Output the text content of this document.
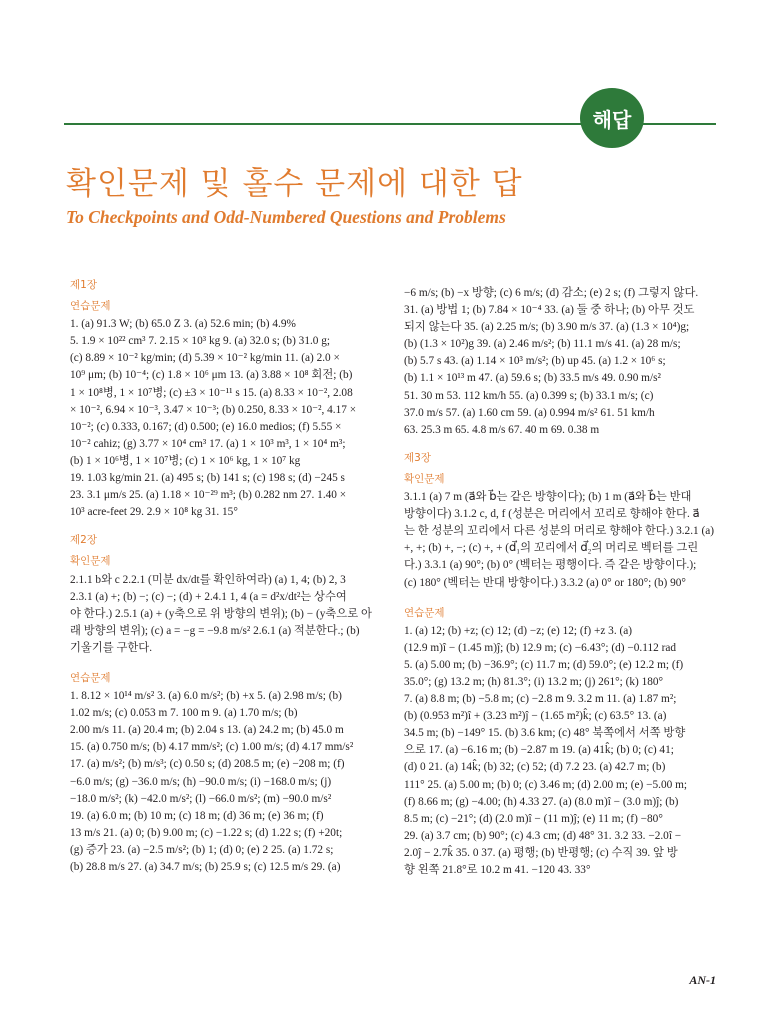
해답
확인문제 및 홀수 문제에 대한 답
To Checkpoints and Odd-Numbered Questions and Problems
제1장
연습문제
1. (a) 91.3 W; (b) 65.0 Z 3. (a) 52.6 min; (b) 4.9%
5. 1.9 × 10²² cm³ 7. 2.15 × 10³ kg 9. (a) 32.0 s; (b) 31.0 g;
(c) 8.89 × 10⁻² kg/min; (d) 5.39 × 10⁻² kg/min 11. (a) 2.0 ×
10⁹ μm; (b) 10⁻⁴; (c) 1.8 × 10⁶ μm 13. (a) 3.88 × 10⁸ 회전; (b)
1 × 10⁸병, 1 × 10⁷병; (c) ±3 × 10⁻¹¹ s 15. (a) 8.33 × 10⁻², 2.08
× 10⁻², 6.94 × 10⁻³, 3.47 × 10⁻³; (b) 0.250, 8.33 × 10⁻², 4.17 ×
10⁻²; (c) 0.333, 0.167; (d) 0.500; (e) 16.0 medios; (f) 5.55 ×
10⁻² cahiz; (g) 3.77 × 10⁴ cm³ 17. (a) 1 × 10³ m³, 1 × 10⁴ m³;
(b) 1 × 10⁶병, 1 × 10⁷병; (c) 1 × 10⁶ kg, 1 × 10⁷ kg
19. 1.03 kg/min 21. (a) 495 s; (b) 141 s; (c) 198 s; (d) −245 s
23. 3.1 μm/s 25. (a) 1.18 × 10⁻²⁹ m³; (b) 0.282 nm 27. 1.40 ×
10³ acre-feet 29. 2.9 × 10⁸ kg 31. 15°
제2장
확인문제
2.1.1 b와 c 2.2.1 (미분 dx/dt를 확인하여라) (a) 1, 4; (b) 2, 3
2.3.1 (a) +; (b) −; (c) −; (d) + 2.4.1 1, 4 (a = d²x/dt²는 상수여
야 한다.) 2.5.1 (a) + (y축으로 위 방향의 변위); (b) − (y축으로 아
래 방향의 변위); (c) a = −g = −9.8 m/s² 2.6.1 (a) 적분한다.; (b)
기울기를 구한다.
연습문제
1. 8.12 × 10¹⁴ m/s² 3. (a) 6.0 m/s²; (b) +x 5. (a) 2.98 m/s; (b)
1.02 m/s; (c) 0.053 m 7. 100 m 9. (a) 1.70 m/s; (b)
2.00 m/s 11. (a) 20.4 m; (b) 2.04 s 13. (a) 24.2 m; (b) 45.0 m
15. (a) 0.750 m/s; (b) 4.17 mm/s²; (c) 1.00 m/s; (d) 4.17 mm/s²
17. (a) m/s²; (b) m/s³; (c) 0.50 s; (d) 208.5 m; (e) −208 m; (f)
−6.0 m/s; (g) −36.0 m/s; (h) −90.0 m/s; (i) −168.0 m/s; (j)
−18.0 m/s²; (k) −42.0 m/s²; (l) −66.0 m/s²; (m) −90.0 m/s²
19. (a) 6.0 m; (b) 10 m; (c) 18 m; (d) 36 m; (e) 36 m; (f)
13 m/s 21. (a) 0; (b) 9.00 m; (c) −1.22 s; (d) 1.22 s; (f) +20t;
(g) 증가 23. (a) −2.5 m/s²; (b) 1; (d) 0; (e) 2 25. (a) 1.72 s;
(b) 28.8 m/s 27. (a) 34.7 m/s; (b) 25.9 s; (c) 12.5 m/s 29. (a)
−6 m/s; (b) −x 방향; (c) 6 m/s; (d) 감소; (e) 2 s; (f) 그렇지 않다.
31. (a) 방법 1; (b) 7.84 × 10⁻⁴ 33. (a) 둘 중 하나; (b) 아무 것도
되지 않는다 35. (a) 2.25 m/s; (b) 3.90 m/s 37. (a) (1.3 × 10⁴)g;
(b) (1.3 × 10²)g 39. (a) 2.46 m/s²; (b) 11.1 m/s 41. (a) 28 m/s;
(b) 5.7 s 43. (a) 1.14 × 10³ m/s²; (b) up 45. (a) 1.2 × 10⁶ s;
(b) 1.1 × 10¹³ m 47. (a) 59.6 s; (b) 33.5 m/s 49. 0.90 m/s²
51. 30 m 53. 112 km/h 55. (a) 0.399 s; (b) 33.1 m/s; (c)
37.0 m/s 57. (a) 1.60 cm 59. (a) 0.994 m/s² 61. 51 km/h
63. 25.3 m 65. 4.8 m/s 67. 40 m 69. 0.38 m
제3장
확인문제
3.1.1 (a) 7 m (a⃗와 b⃗는 같은 방향이다); (b) 1 m (a⃗와 b⃗는 반대
방향이다) 3.1.2 c, d, f (성분은 머리에서 꼬리로 향해야 한다. a⃗
는 한 성분의 꼬리에서 다른 성분의 머리로 향해야 한다.) 3.2.1 (a)
+, +; (b) +, −; (c) +, + (d⃗₁의 꼬리에서 d⃗₂의 머리로 벡터를 그린
다.) 3.3.1 (a) 90°; (b) 0° (벡터는 평행이다. 즉 같은 방향이다.);
(c) 180° (벡터는 반대 방향이다.) 3.3.2 (a) 0° or 180°; (b) 90°
연습문제
1. (a) 12; (b) +z; (c) 12; (d) −z; (e) 12; (f) +z 3. (a)
(12.9 m)î − (1.45 m)ĵ; (b) 12.9 m; (c) −6.43°; (d) −0.112 rad
5. (a) 5.00 m; (b) −36.9°; (c) 11.7 m; (d) 59.0°; (e) 12.2 m; (f)
35.0°; (g) 13.2 m; (h) 81.3°; (i) 13.2 m; (j) 261°; (k) 180°
7. (a) 8.8 m; (b) −5.8 m; (c) −2.8 m 9. 3.2 m 11. (a) 1.87 m²;
(b) (0.953 m²)î + (3.23 m²)ĵ − (1.65 m²)k̂; (c) 63.5° 13. (a)
34.5 m; (b) −149° 15. (b) 3.6 km; (c) 48° 북쪽에서 서쪽 방향
으로 17. (a) −6.16 m; (b) −2.87 m 19. (a) 41k̂; (b) 0; (c) 41;
(d) 0 21. (a) 14k̂; (b) 32; (c) 52; (d) 7.2 23. (a) 42.7 m; (b)
111° 25. (a) 5.00 m; (b) 0; (c) 3.46 m; (d) 2.00 m; (e) −5.00 m;
(f) 8.66 m; (g) −4.00; (h) 4.33 27. (a) (8.0 m)î − (3.0 m)ĵ; (b)
8.5 m; (c) −21°; (d) (2.0 m)î − (11 m)ĵ; (e) 11 m; (f) −80°
29. (a) 3.7 cm; (b) 90°; (c) 4.3 cm; (d) 48° 31. 3.2 33. −2.0î −
2.0ĵ − 2.7k̂ 35. 0 37. (a) 평행; (b) 반평행; (c) 수직 39. 앞 방
향 왼쪽 21.8°로 10.2 m 41. −120 43. 33°
AN-1
